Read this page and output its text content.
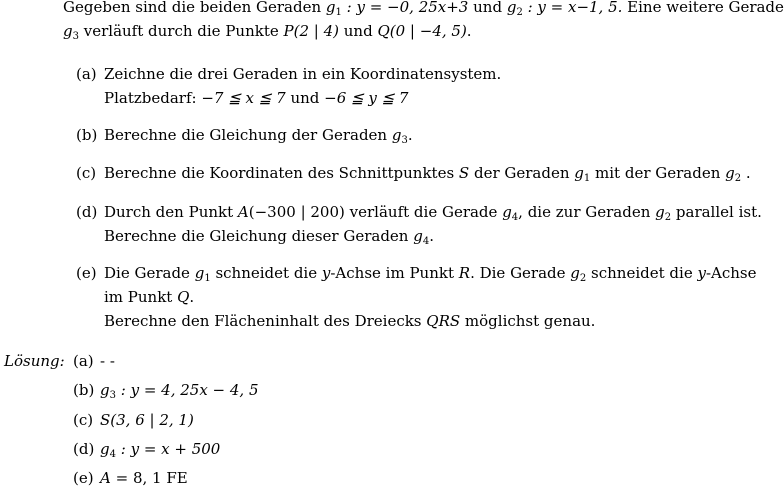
Gegeben sind die beiden Geraden $g_1$ : y = −0, 25x+3 und $g_2$ : y = x−1, 5. Eine weitere Gerade
$g_3$ verläuft durch die Punkte P(2 | 4) und Q(0 | −4, 5).
(a) Zeichne die drei Geraden in ein Koordinatensystem.
Platzbedarf: −7 ≦ x ≦ 7 und −6 ≦ y ≦ 7
(b) Berechne die Gleichung der Geraden $g_3$.
(c) Berechne die Koordinaten des Schnittpunktes S der Geraden $g_1$ mit der Geraden $g_2$ .
(d) Durch den Punkt A(−300 | 200) verläuft die Gerade $g_4$, die zur Geraden $g_2$ parallel ist.
Berechne die Gleichung dieser Geraden $g_4$.
(e) Die Gerade $g_1$ schneidet die y-Achse im Punkt R. Die Gerade $g_2$ schneidet die y-Achse
im Punkt Q.
Berechne den Flächeninhalt des Dreiecks QRS möglichst genau.
Lösung: (a) - -
(b) $g_3$ : y = 4, 25x − 4, 5
(c) S(3, 6 | 2, 1)
(d) $g_4$ : y = x + 500
(e) A = 8, 1 FE
